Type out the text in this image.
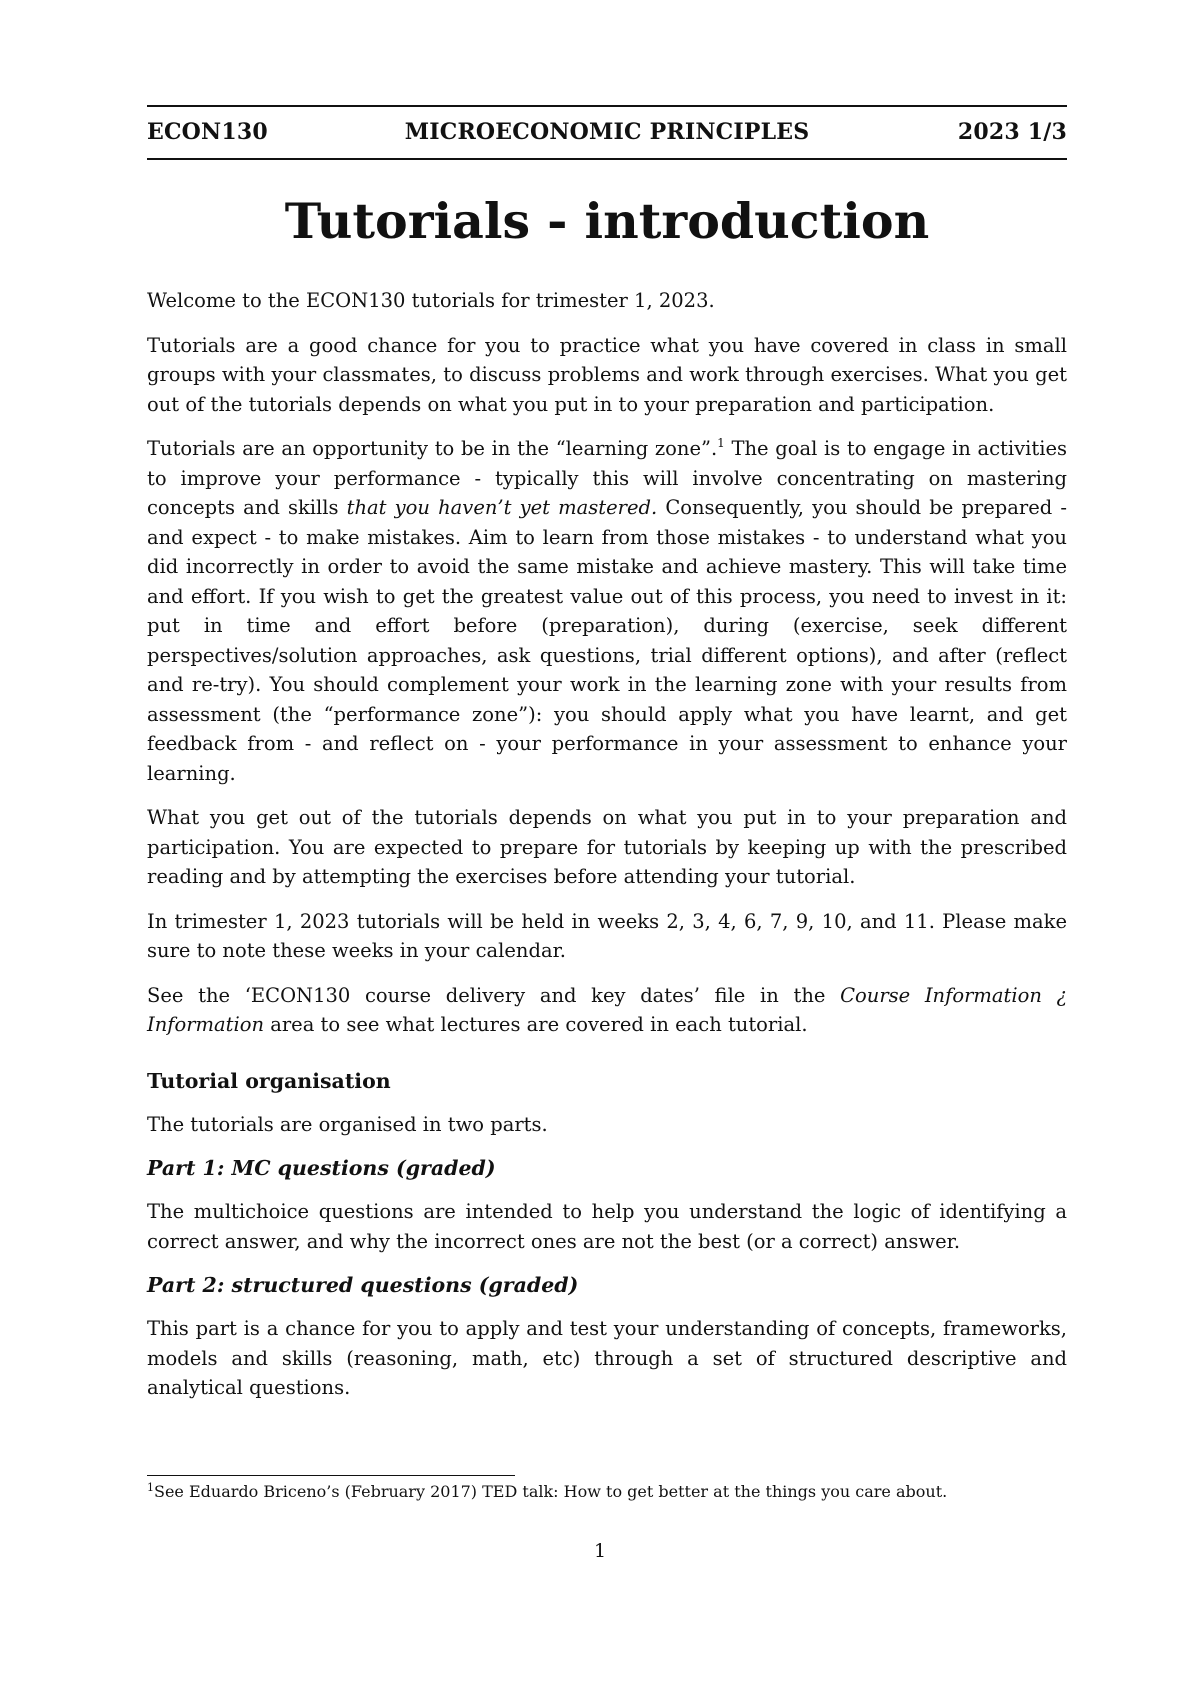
ECON130	MICROECONOMIC PRINCIPLES	2023 1/3
Tutorials - introduction

Welcome to the ECON130 tutorials for trimester 1, 2023.

Tutorials are a good chance for you to practice what you have covered in class in small groups with your classmates, to discuss problems and work through exercises. What you get out of the tutorials depends on what you put in to your preparation and participation.

Tutorials are an opportunity to be in the “learning zone”.$^1$ The goal is to engage in activities to improve your performance - typically this will involve concentrating on mastering concepts and skills that you haven’t yet mastered. Consequently, you should be prepared - and expect - to make mistakes. Aim to learn from those mistakes - to understand what you did incorrectly in order to avoid the same mistake and achieve mastery. This will take time and effort. If you wish to get the greatest value out of this process, you need to invest in it: put in time and effort before (preparation), during (exercise, seek different perspectives/solution approaches, ask questions, trial different options), and after (reflect and re-try). You should complement your work in the learning zone with your results from assessment (the “performance zone”): you should apply what you have learnt, and get feedback from - and reflect on - your performance in your assessment to enhance your learning.

What you get out of the tutorials depends on what you put in to your preparation and participation. You are expected to prepare for tutorials by keeping up with the prescribed reading and by attempting the exercises before attending your tutorial.

In trimester 1, 2023 tutorials will be held in weeks 2, 3, 4, 6, 7, 9, 10, and 11. Please make sure to note these weeks in your calendar.

See the ‘ECON130 course delivery and key dates’ file in the Course Information ¿ Information area to see what lectures are covered in each tutorial.

Tutorial organisation

The tutorials are organised in two parts.

Part 1: MC questions (graded)

The multichoice questions are intended to help you understand the logic of identifying a correct answer, and why the incorrect ones are not the best (or a correct) answer.

Part 2: structured questions (graded)

This part is a chance for you to apply and test your understanding of concepts, frameworks, models and skills (reasoning, math, etc) through a set of structured descriptive and analytical questions.

$^1$See Eduardo Briceno’s (February 2017) TED talk: How to get better at the things you care about.
1
